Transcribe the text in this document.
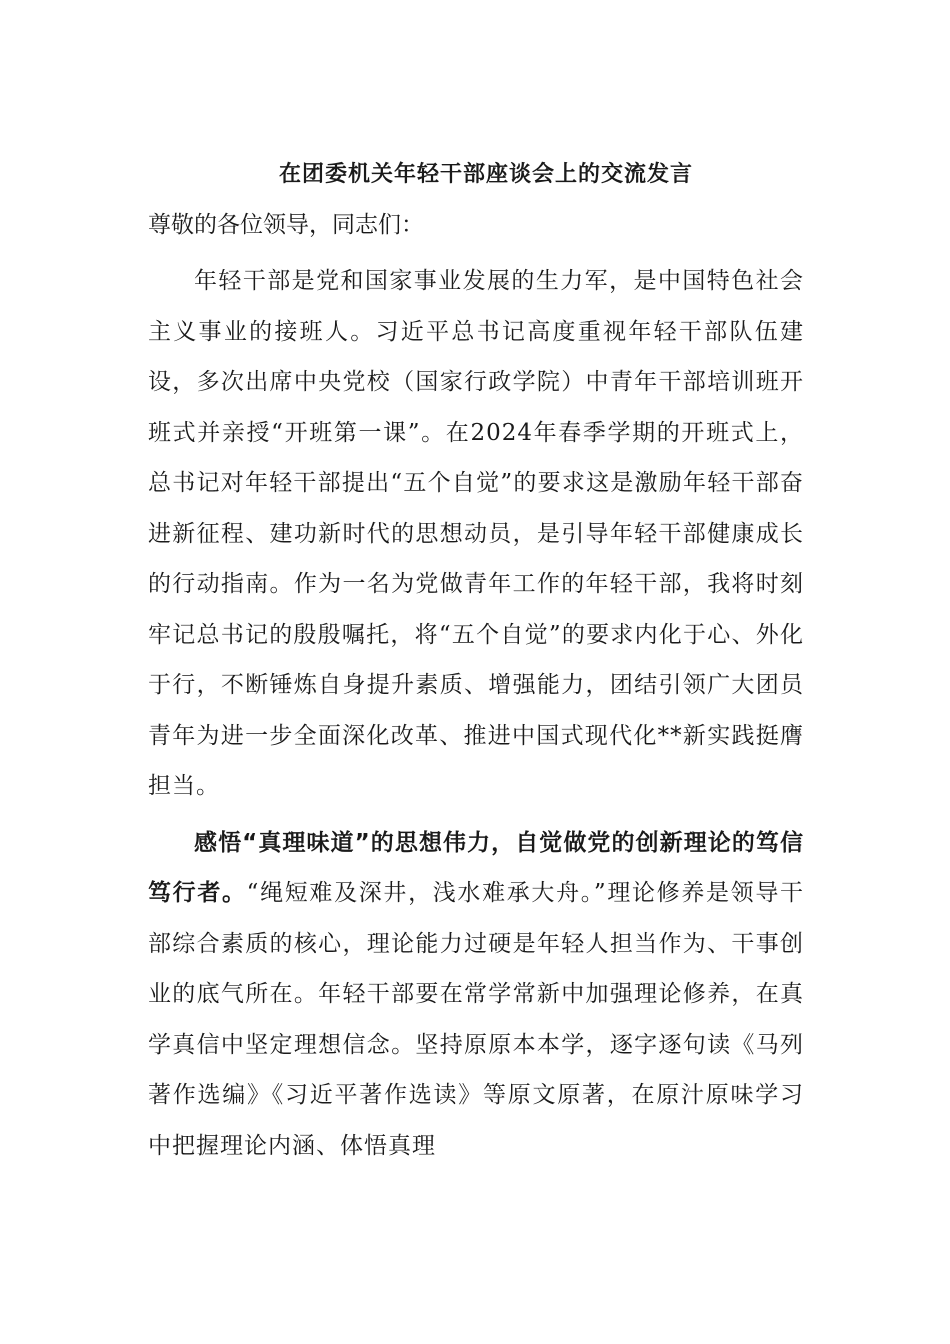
在团委机关年轻干部座谈会上的交流发言

尊敬的各位领导，同志们：

年轻干部是党和国家事业发展的生力军，是中国特色社会主义事业的接班人。习近平总书记高度重视年轻干部队伍建设，多次出席中央党校（国家行政学院）中青年干部培训班开班式并亲授“开班第一课”。在2024年春季学期的开班式上，总书记对年轻干部提出“五个自觉”的要求这是激励年轻干部奋进新征程、建功新时代的思想动员，是引导年轻干部健康成长的行动指南。作为一名为党做青年工作的年轻干部，我将时刻牢记总书记的殷殷嘱托，将“五个自觉”的要求内化于心、外化于行，不断锤炼自身提升素质、增强能力，团结引领广大团员青年为进一步全面深化改革、推进中国式现代化**新实践挺膺担当。

感悟“真理味道”的思想伟力，自觉做党的创新理论的笃信笃行者。“绳短难及深井，浅水难承大舟。”理论修养是领导干部综合素质的核心，理论能力过硬是年轻人担当作为、干事创业的底气所在。年轻干部要在常学常新中加强理论修养，在真学真信中坚定理想信念。坚持原原本本学，逐字逐句读《马列著作选编》《习近平著作选读》等原文原著，在原汁原味学习中把握理论内涵、体悟真理
